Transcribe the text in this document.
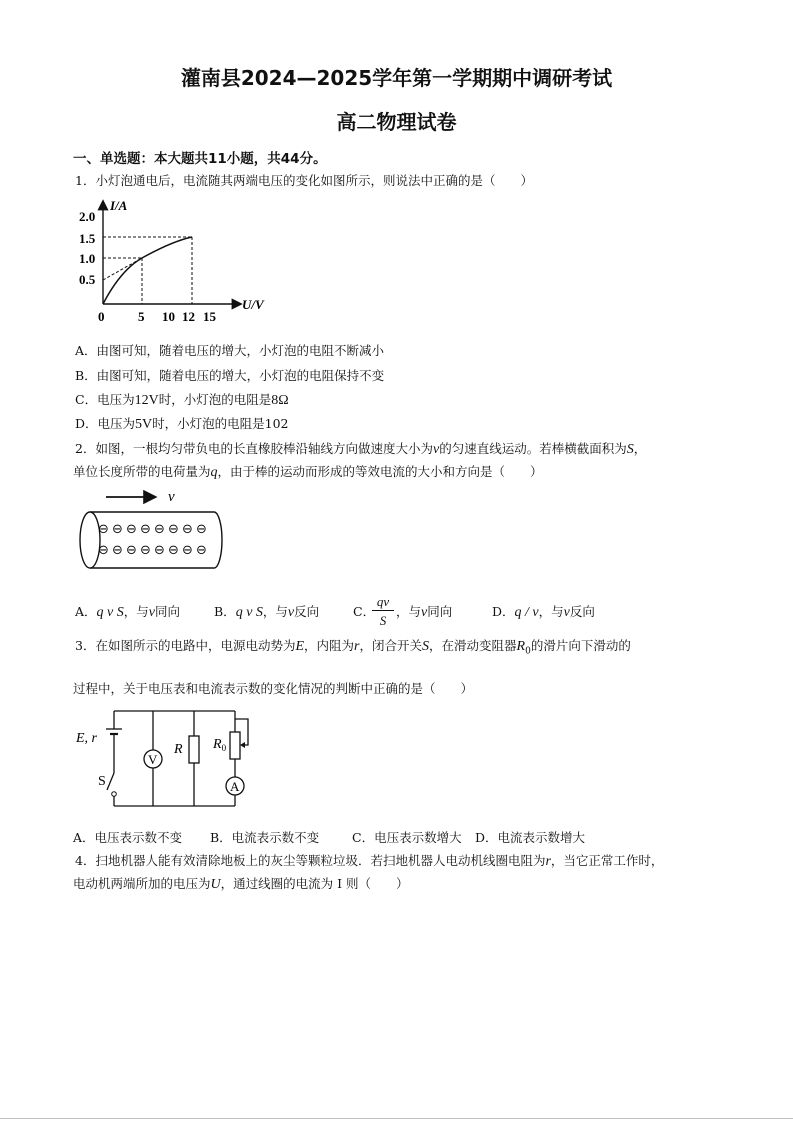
灌南县2024—2025学年第一学期期中调研考试
高二物理试卷
一、单选题：本大题共11小题，共44分。
1．小灯泡通电后，电流随其两端电压的变化如图所示，则说法中正确的是（　　）
I/A
U/V
2.0
1.5
1.0
0.5
0	5 10 12 15
A．由图可知，随着电压的增大，小灯泡的电阻不断减小
B．由图可知，随着电压的增大，小灯泡的电阻保持不变
C．电压为12V时，小灯泡的电阻是8Ω
D．电压为5V时，小灯泡的电阻是102
2．如图，一根均匀带负电的长直橡胶棒沿轴线方向做速度大小为v的匀速直线运动。若棒横截面积为S，
单位长度所带的电荷量为q，由于棒的运动而形成的等效电流的大小和方向是（　　）
v
⊖ ⊖ ⊖ ⊖ ⊖ ⊖ ⊖ ⊖
⊖ ⊖ ⊖ ⊖ ⊖ ⊖ ⊖ ⊖
A．q v S，与v同向	B．q v S，与v反向	C．
$\frac{qv}{S}$ ，与v同向	D．q / v，与v反向
3．在如图所示的电路中，电源电动势为E，内阻为r，闭合开关S，在滑动变阻器$R_0$的滑片向下滑动的
过程中，关于电压表和电流表示数的变化情况的判断中正确的是（　　）
E, r
S
V
R $R_0$
A
A．电压表示数不变 B．电流表示数不变	C．电压表示数增大 D．电流表示数增大
4．扫地机器人能有效清除地板上的灰尘等颗粒垃圾．若扫地机器人电动机线圈电阻为r，当它正常工作时，
电动机两端所加的电压为U，通过线圈的电流为 I 则（　　）
